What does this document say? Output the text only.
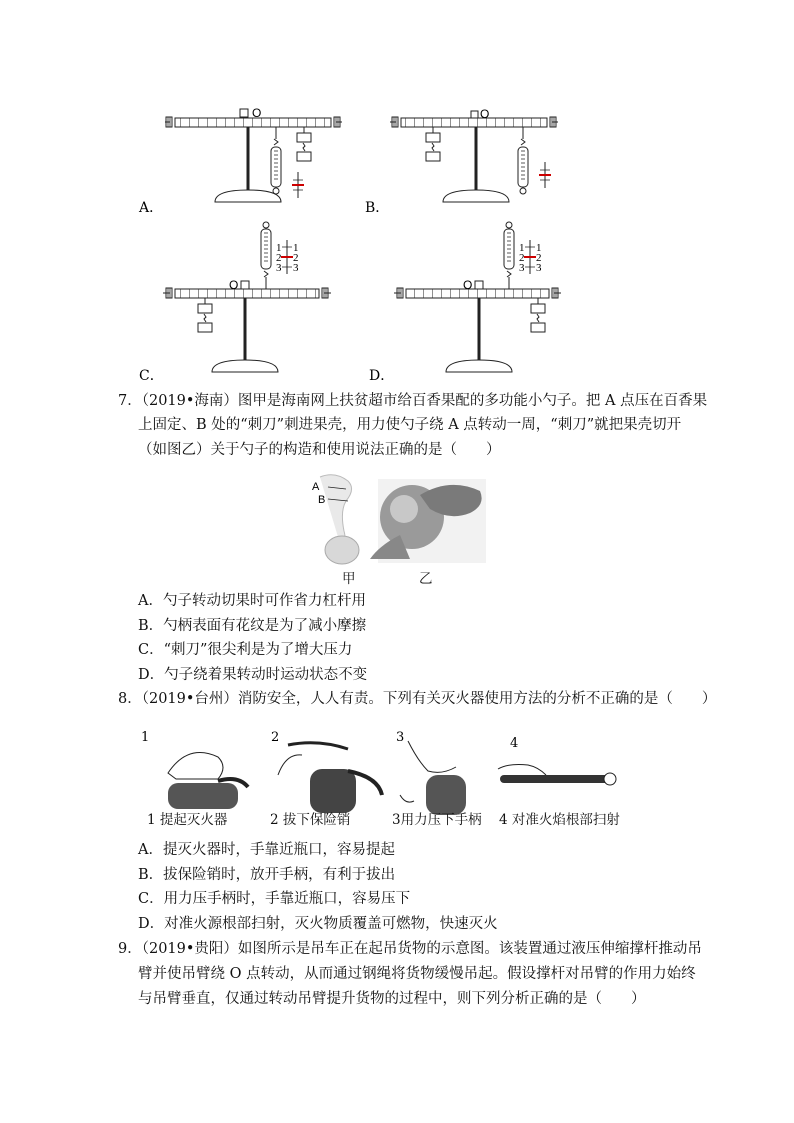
O
A．
O
B．
O
1
2
3
1
2
3
C．
O
1
2
3
1
2
3
D．
7．（2019•海南）图甲是海南网上扶贫超市给百香果配的多功能小勺子。把 A 点压在百香果
上固定、B 处的“刺刀”刺进果壳，用力使勺子绕 A 点转动一周，“刺刀”就把果壳切开
（如图乙）关于勺子的构造和使用说法正确的是（　　）
A
B
甲	乙
A．勺子转动切果时可作省力杠杆用
B．勺柄表面有花纹是为了减小摩擦
C．“刺刀”很尖利是为了增大压力
D．勺子绕着果转动时运动状态不变
8．（2019•台州）消防安全，人人有责。下列有关灭火器使用方法的分析不正确的是（　　）
1	2	3	4
1 提起灭火器	2 拔下保险销	3用力压下手柄 4 对准火焰根部扫射
A．提灭火器时，手靠近瓶口，容易提起
B．拔保险销时，放开手柄，有利于拔出
C．用力压手柄时，手靠近瓶口，容易压下
D．对准火源根部扫射，灭火物质覆盖可燃物，快速灭火
9．（2019•贵阳）如图所示是吊车正在起吊货物的示意图。该装置通过液压伸缩撑杆推动吊
臂并使吊臂绕 O 点转动，从而通过钢绳将货物缓慢吊起。假设撑杆对吊臂的作用力始终
与吊臂垂直，仅通过转动吊臂提升货物的过程中，则下列分析正确的是（　　）
